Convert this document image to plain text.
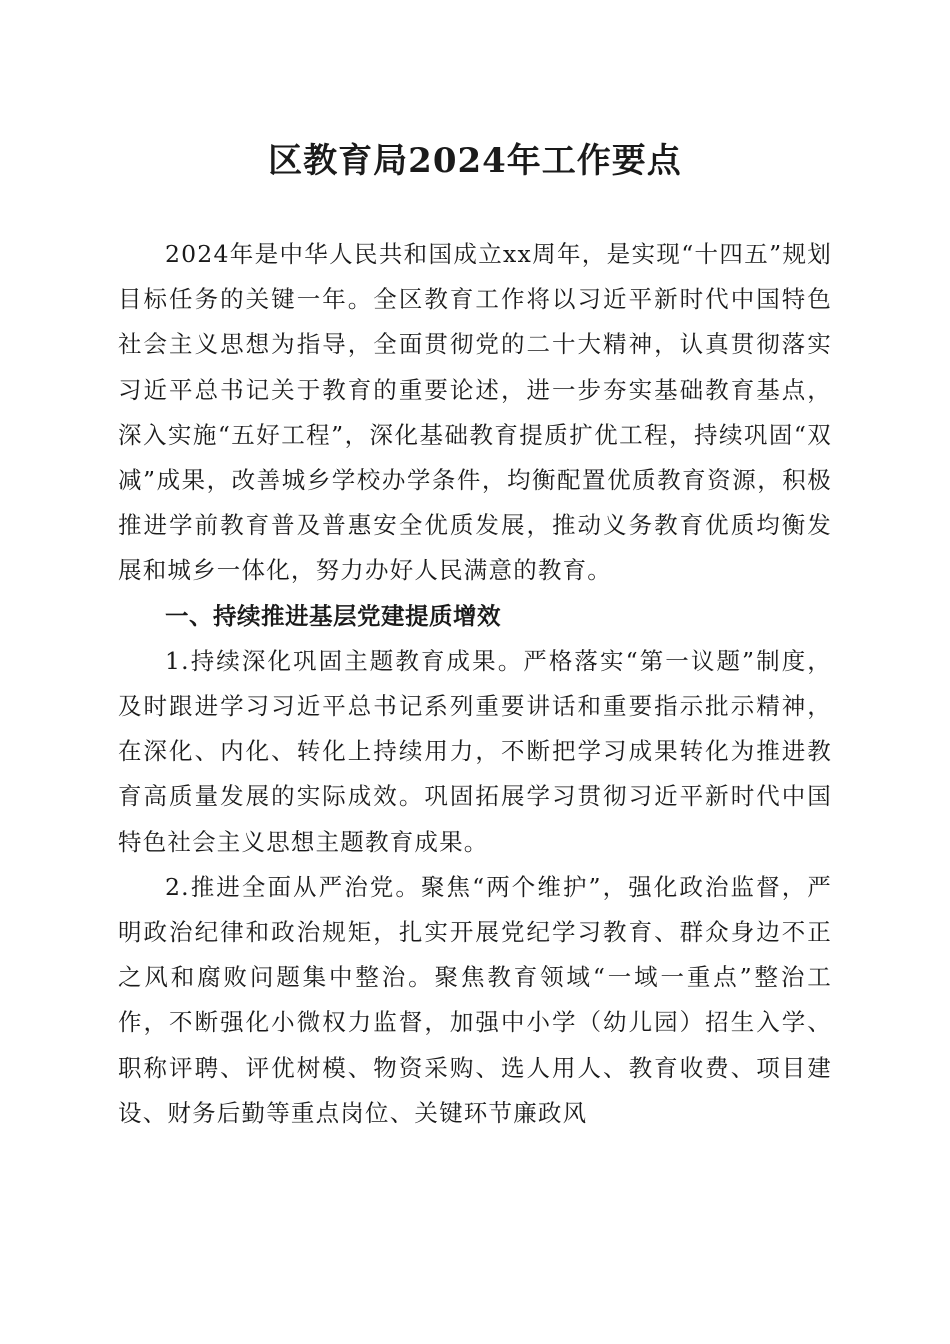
区教育局2024年工作要点

2024年是中华人民共和国成立xx周年，是实现“十四五”规划目标任务的关键一年。全区教育工作将以习近平新时代中国特色社会主义思想为指导，全面贯彻党的二十大精神，认真贯彻落实习近平总书记关于教育的重要论述，进一步夯实基础教育基点，深入实施“五好工程”，深化基础教育提质扩优工程，持续巩固“双减”成果，改善城乡学校办学条件，均衡配置优质教育资源，积极推进学前教育普及普惠安全优质发展，推动义务教育优质均衡发展和城乡一体化，努力办好人民满意的教育。

一、持续推进基层党建提质增效

1.持续深化巩固主题教育成果。严格落实“第一议题”制度，及时跟进学习习近平总书记系列重要讲话和重要指示批示精神，在深化、内化、转化上持续用力，不断把学习成果转化为推进教育高质量发展的实际成效。巩固拓展学习贯彻习近平新时代中国特色社会主义思想主题教育成果。

2.推进全面从严治党。聚焦“两个维护”，强化政治监督，严明政治纪律和政治规矩，扎实开展党纪学习教育、群众身边不正之风和腐败问题集中整治。聚焦教育领域“一域一重点”整治工作，不断强化小微权力监督，加强中小学（幼儿园）招生入学、职称评聘、评优树模、物资采购、选人用人、教育收费、项目建设、财务后勤等重点岗位、关键环节廉政风
